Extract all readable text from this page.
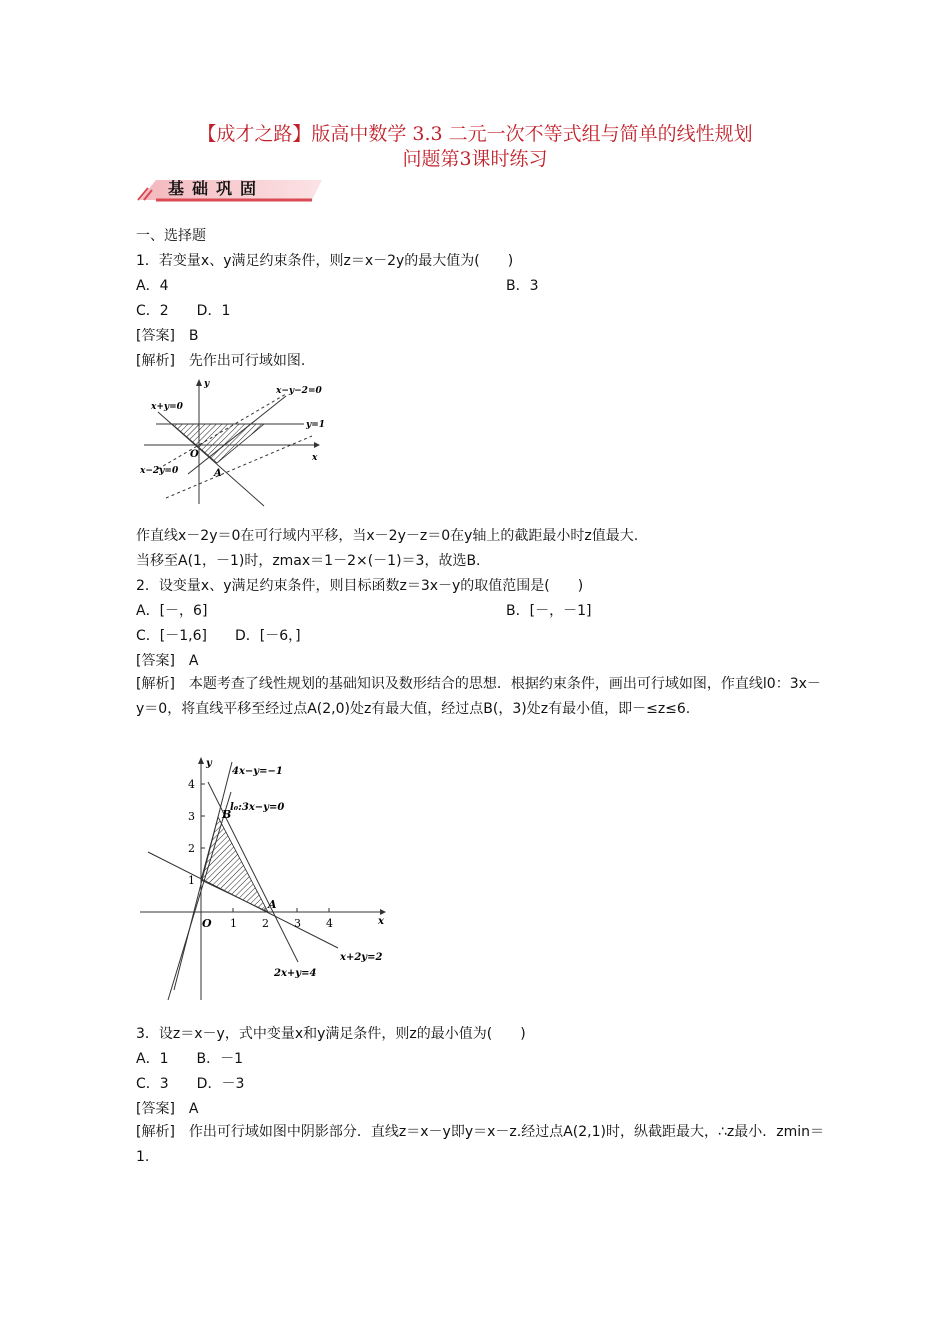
【成才之路】版高中数学 3.3 二元一次不等式组与简单的线性规划
问题第3课时练习
基础巩固
一、选择题
1．若变量x、y满足约束条件，则z＝x－2y的最大值为(　　)
A．4	B．3
C．2　　D．1
[答案]　B
[解析]　先作出可行域如图.
x+y=0
x−y−2=0
y=1
x−2y=0
O
A
x
y
作直线x－2y＝0在可行域内平移，当x－2y－z＝0在y轴上的截距最小时z值最大.
当移至A(1，－1)时，zmax＝1－2×(－1)＝3，故选B.
2．设变量x、y满足约束条件，则目标函数z＝3x－y的取值范围是(　　)
A．[－，6]	B．[－，－1]
C．[－1,6]　　D．[－6，]
[答案]　A
[解析]　本题考查了线性规划的基础知识及数形结合的思想．根据约束条件，画出可行域如图，作直线l0：3x－y＝0，将直线平移至经过点A(2,0)处z有最大值，经过点B(，3)处z有最小值，即－≤z≤6.
4x−y=−1
l₀:3x−y=0
2x+y=4
x+2y=2
B
A
O	x
y
1
2
3
4
1 2 3 4
3．设z＝x－y，式中变量x和y满足条件，则z的最小值为(　　)
A．1　　B．－1
C．3　　D．－3
[答案]　A
[解析]　作出可行域如图中阴影部分．直线z＝x－y即y＝x－z.经过点A(2,1)时，纵截距最大，∴z最小．zmin＝1.
